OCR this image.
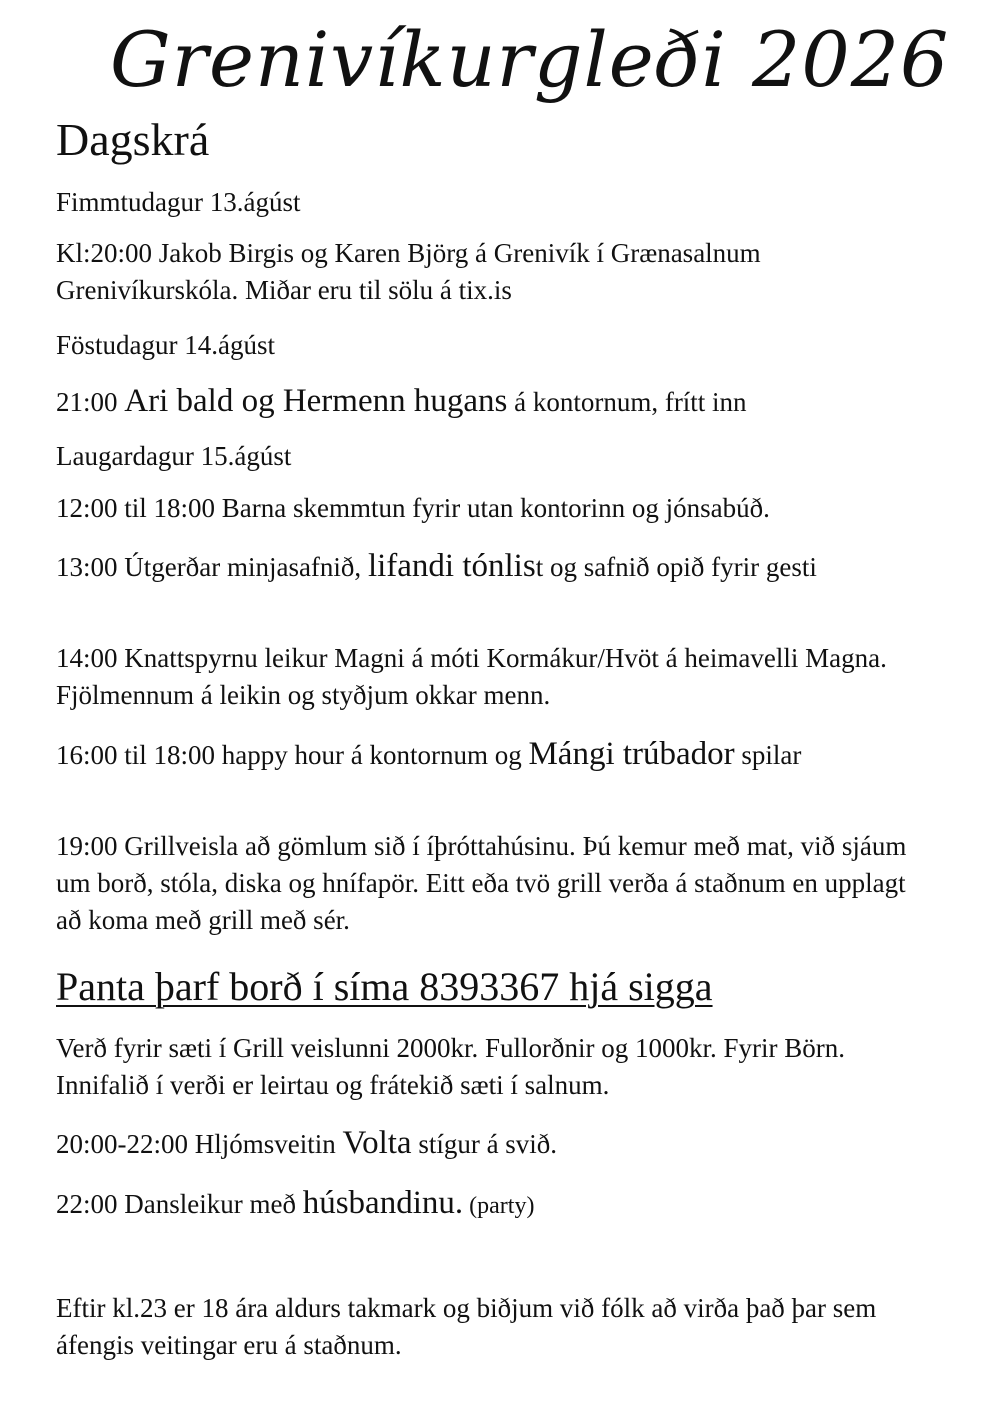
Grenivíkurgleði 2026
Dagskrá
Fimmtudagur 13.ágúst
Kl:20:00 Jakob Birgis og Karen Björg á Grenivík í Grænasalnum Grenivíkurskóla. Miðar eru til sölu á tix.is
Föstudagur 14.ágúst
21:00 Ari bald og Hermenn hugans á kontornum, frítt inn
Laugardagur 15.ágúst
12:00 til 18:00 Barna skemmtun fyrir utan kontorinn og jónsabúð.
13:00 Útgerðar minjasafnið, lifandi tónlist og safnið opið fyrir gesti
14:00 Knattspyrnu leikur Magni á móti Kormákur/Hvöt á heimavelli Magna. Fjölmennum á leikin og styðjum okkar menn.
16:00 til 18:00 happy hour á kontornum og Mángi trúbador spilar
19:00 Grillveisla að gömlum sið í íþróttahúsinu. Þú kemur með mat, við sjáum um borð, stóla, diska og hnífapör. Eitt eða tvö grill verða á staðnum en upplagt að koma með grill með sér.
Panta þarf borð í síma 8393367 hjá sigga
Verð fyrir sæti í Grill veislunni 2000kr. Fullorðnir og 1000kr. Fyrir Börn. Innifalið í verði er leirtau og frátekið sæti í salnum.
20:00-22:00 Hljómsveitin Volta stígur á svið.
22:00 Dansleikur með húsbandinu. (party)
Eftir kl.23 er 18 ára aldurs takmark og biðjum við fólk að virða það þar sem áfengis veitingar eru á staðnum.
